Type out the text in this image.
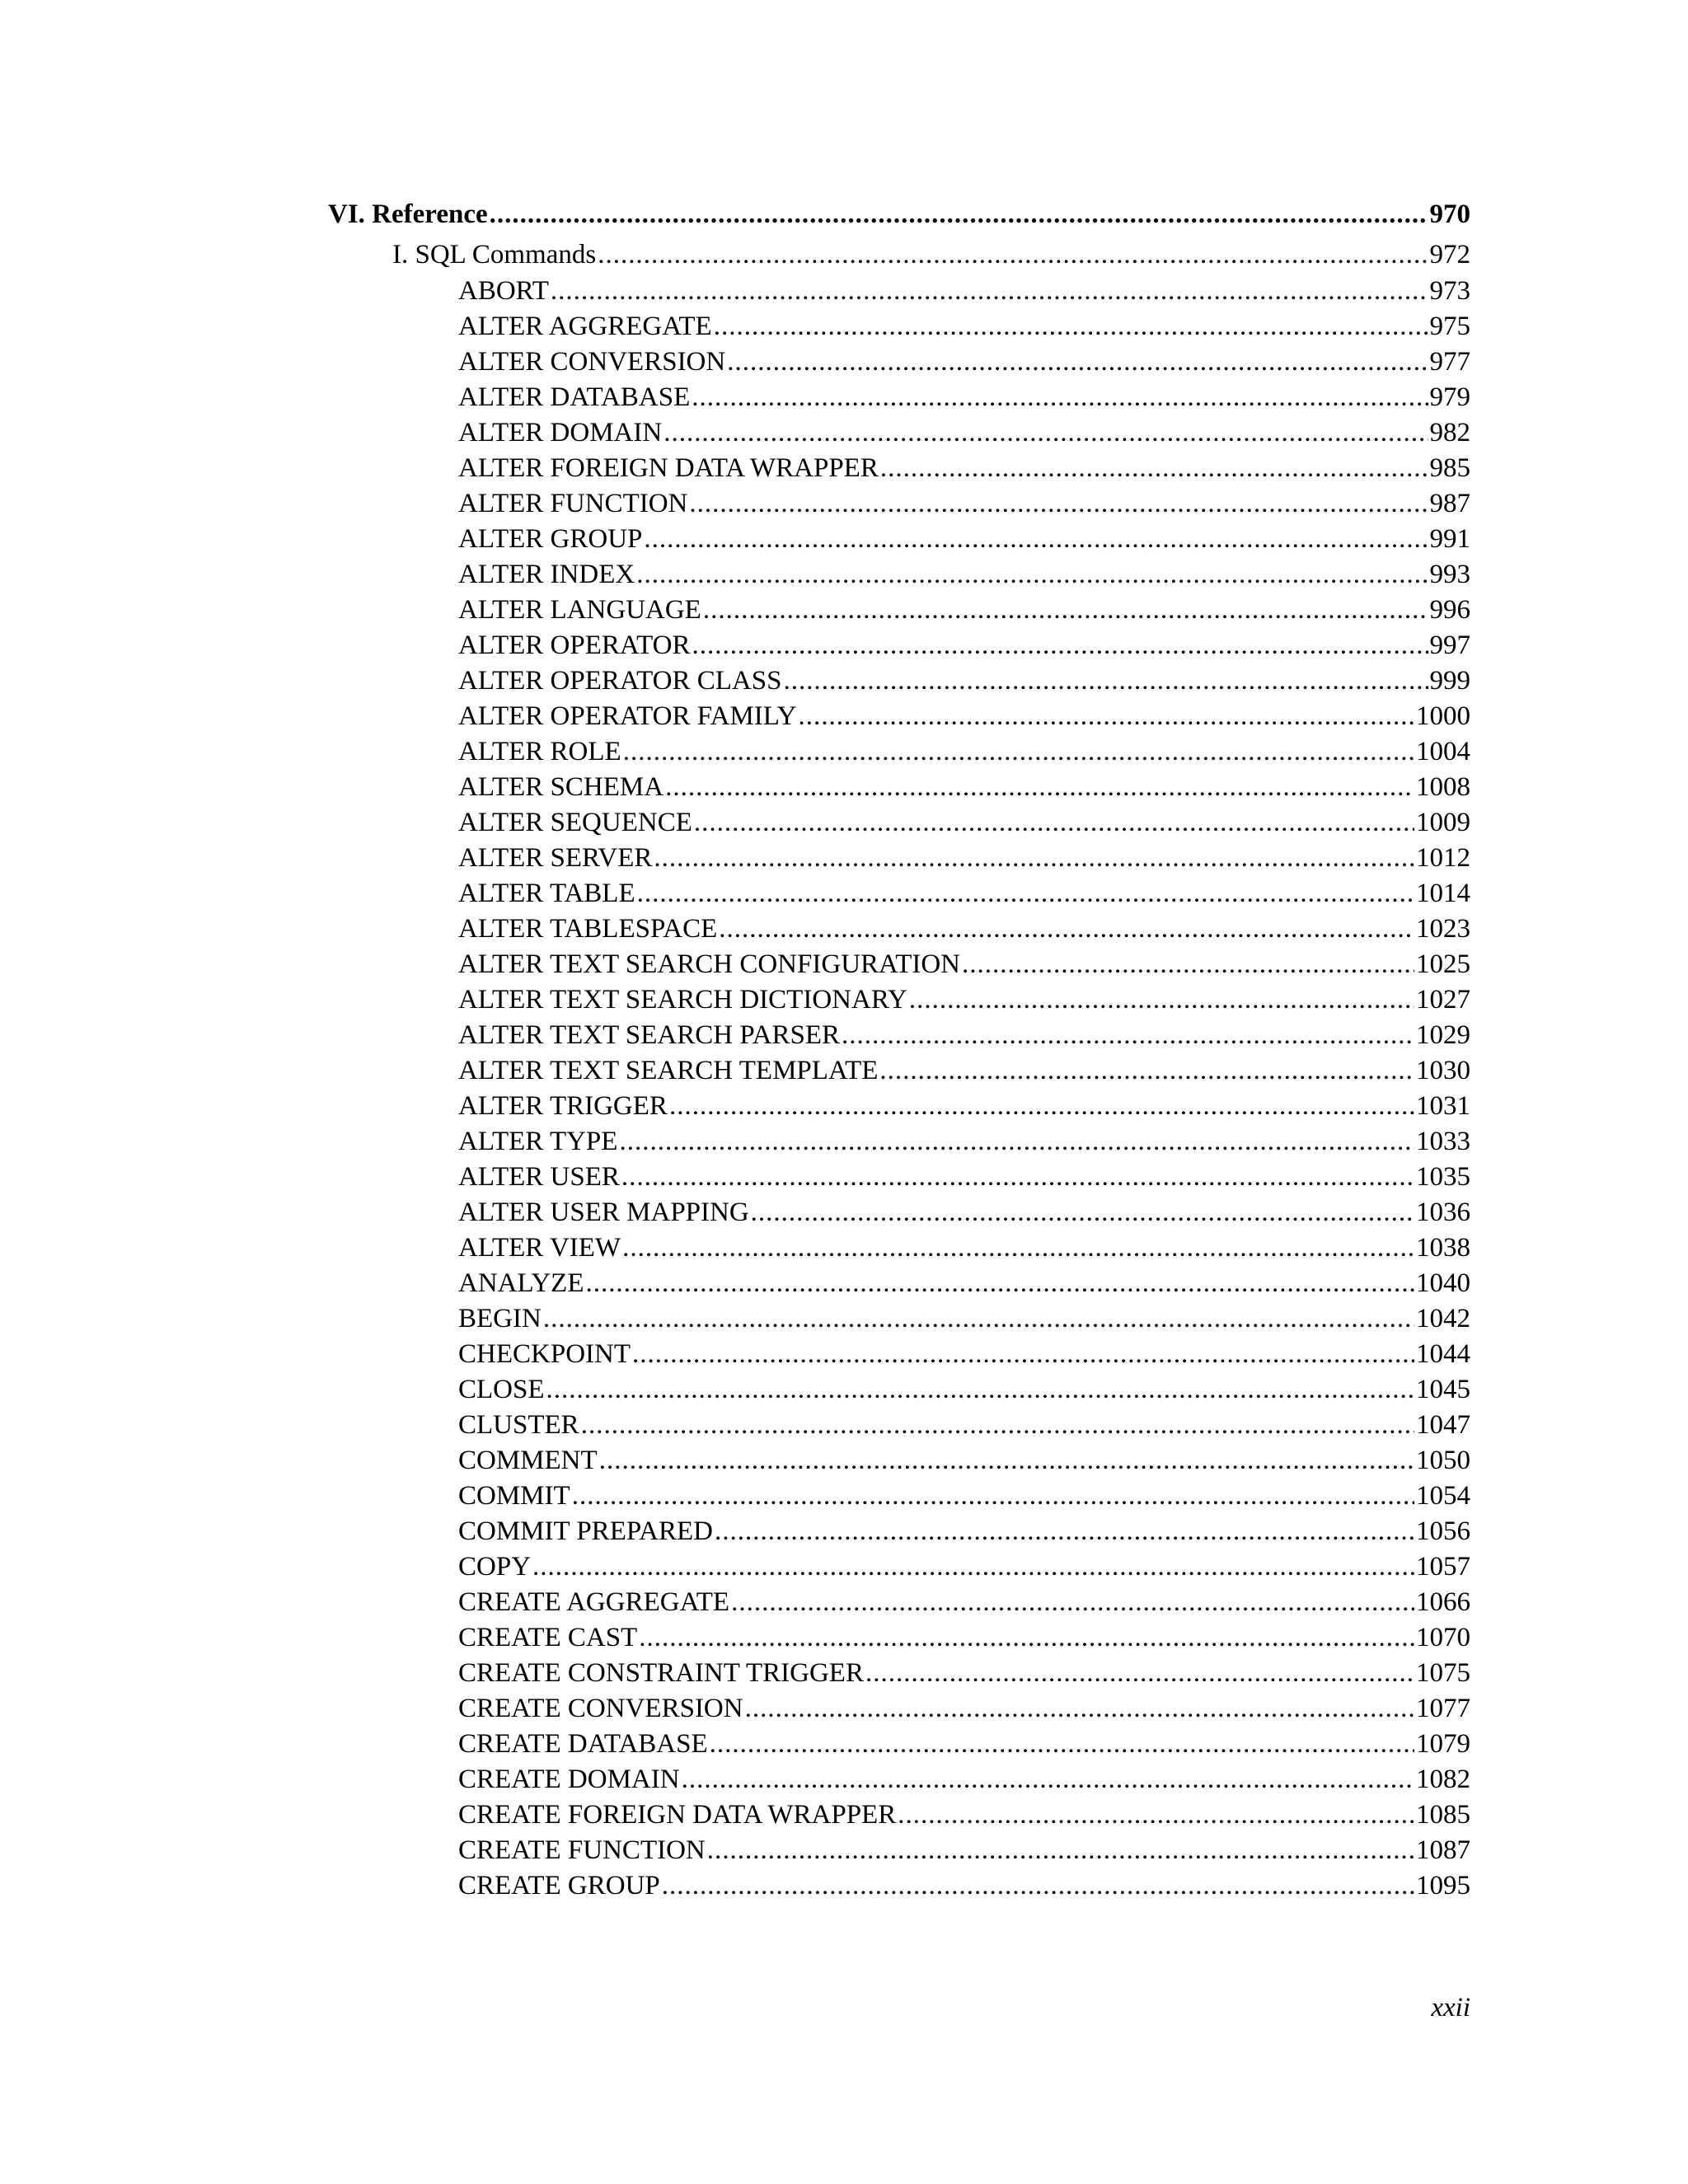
VI. Reference .....	970
I. SQL Commands .....	972
ABORT .....	973
ALTER AGGREGATE .....	975
ALTER CONVERSION .....	977
ALTER DATABASE .....	979
ALTER DOMAIN .....	982
ALTER FOREIGN DATA WRAPPER .....	985
ALTER FUNCTION .....	987
ALTER GROUP .....	991
ALTER INDEX .....	993
ALTER LANGUAGE .....	996
ALTER OPERATOR .....	997
ALTER OPERATOR CLASS .....	999
ALTER OPERATOR FAMILY .....	1000
ALTER ROLE .....	1004
ALTER SCHEMA .....	1008
ALTER SEQUENCE .....	1009
ALTER SERVER .....	1012
ALTER TABLE .....	1014
ALTER TABLESPACE .....	1023
ALTER TEXT SEARCH CONFIGURATION .....	1025
ALTER TEXT SEARCH DICTIONARY .....	1027
ALTER TEXT SEARCH PARSER .....	1029
ALTER TEXT SEARCH TEMPLATE .....	1030
ALTER TRIGGER .....	1031
ALTER TYPE .....	1033
ALTER USER .....	1035
ALTER USER MAPPING .....	1036
ALTER VIEW .....	1038
ANALYZE .....	1040
BEGIN .....	1042
CHECKPOINT .....	1044
CLOSE .....	1045
CLUSTER .....	1047
COMMENT .....	1050
COMMIT .....	1054
COMMIT PREPARED .....	1056
COPY .....	1057
CREATE AGGREGATE .....	1066
CREATE CAST .....	1070
CREATE CONSTRAINT TRIGGER .....	1075
CREATE CONVERSION .....	1077
CREATE DATABASE .....	1079
CREATE DOMAIN .....	1082
CREATE FOREIGN DATA WRAPPER .....	1085
CREATE FUNCTION .....	1087
CREATE GROUP .....	1095
xxii
